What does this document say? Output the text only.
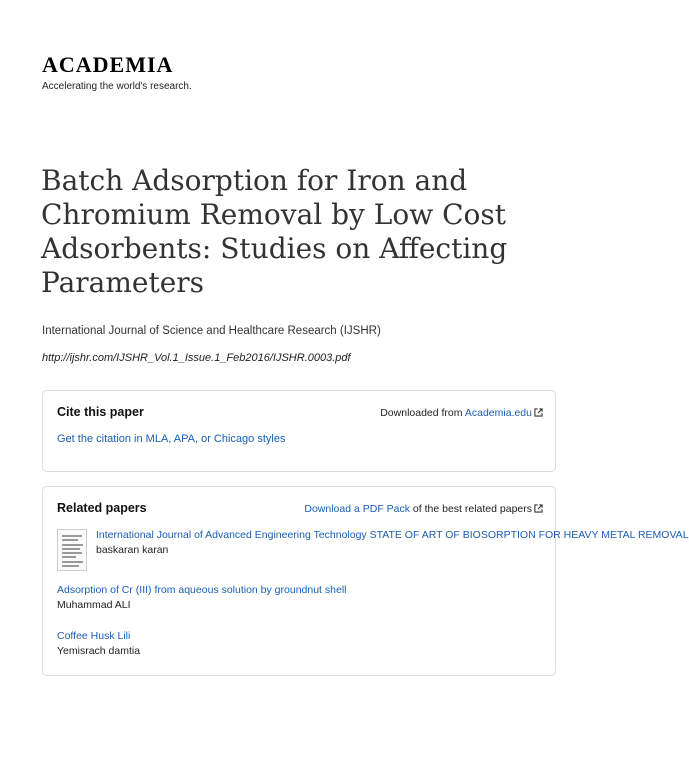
ACADEMIA
Accelerating the world's research.
Batch Adsorption for Iron and Chromium Removal by Low Cost Adsorbents: Studies on Affecting Parameters
International Journal of Science and Healthcare Research (IJSHR)
http://ijshr.com/IJSHR_Vol.1_Issue.1_Feb2016/IJSHR.0003.pdf
Cite this paper	Downloaded from Academia.edu
Get the citation in MLA, APA, or Chicago styles
Related papers	Download a PDF Pack of the best related papers
International Journal of Advanced Engineering Technology STATE OF ART OF BIOSORPTION FOR HEAVY METAL REMOVAL
baskaran karan
Adsorption of Cr (III) from aqueous solution by groundnut shell
Muhammad ALI
Coffee Husk Lili
Yemisrach damtia
